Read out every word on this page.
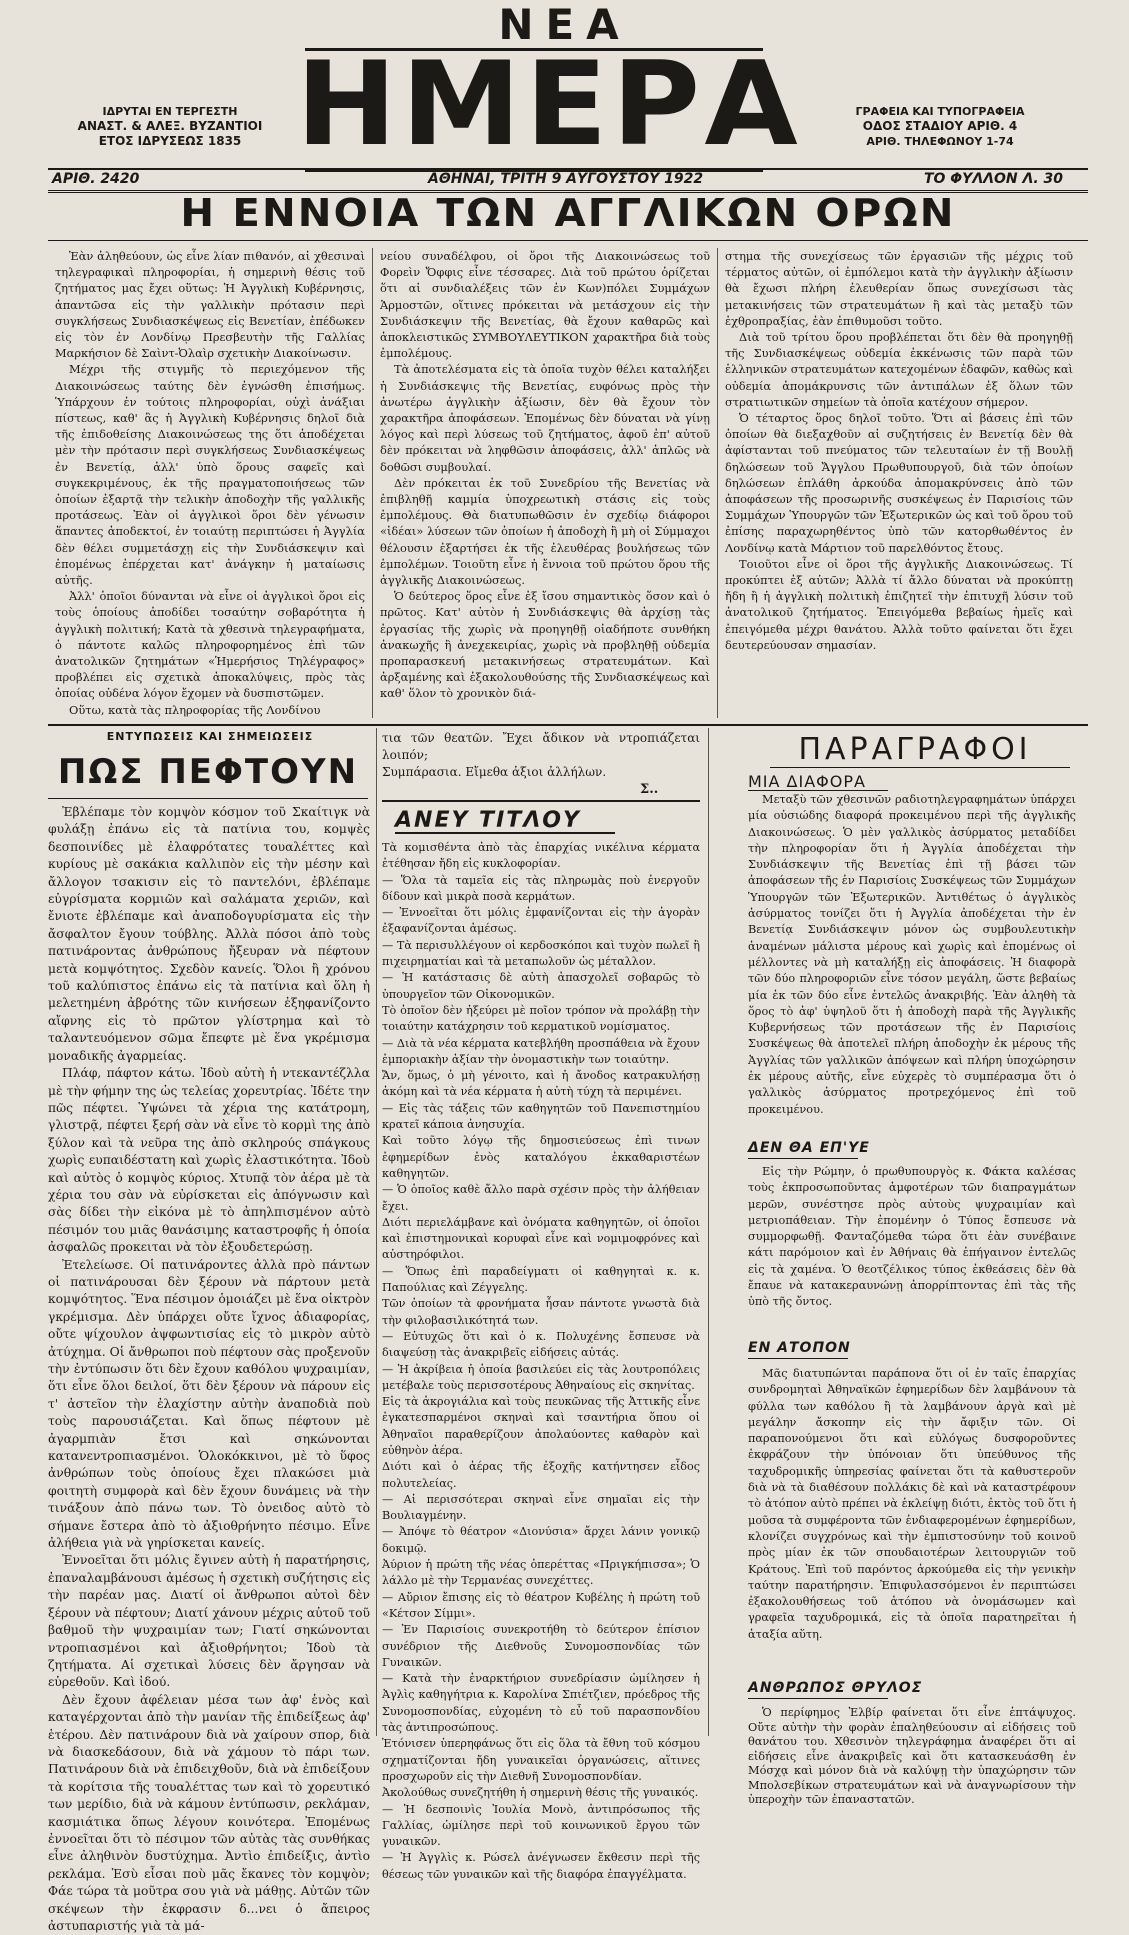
ΝΕΑ
ΗΜΕΡΑ
ΙΔΡΥΤΑΙ ΕΝ ΤΕΡΓΕΣΤΗ
ΑΝΑΣΤ. & ΑΛΕΞ. ΒΥΖΑΝΤΙΟΙ
ΕΤΟΣ ΙΔΡΥΣΕΩΣ 1835
ΓΡΑΦΕΙΑ ΚΑΙ ΤΥΠΟΓΡΑΦΕΙΑ
ΟΔΟΣ ΣΤΑΔΙΟΥ ΑΡΙΘ. 4
ΑΡΙΘ. ΤΗΛΕΦΩΝΟΥ 1-74
ΑΡΙΘ. 2420	ΑΘΗΝΑΙ, ΤΡΙΤΗ 9 ΑΥΓΟΥΣΤΟΥ 1922	ΤΟ ΦΥΛΛΟΝ Λ. 30
Η ΕΝΝΟΙΑ ΤΩΝ ΑΓΓΛΙΚΩΝ ΟΡΩΝ

Ἐὰν ἀληθεύουν, ὡς εἶνε λίαν πιθανόν, αἱ χθεσιναὶ τηλεγραφικαὶ πληροφορίαι, ἡ σημερινὴ θέσις τοῦ ζητήματος μας ἔχει οὕτως: Ἡ Ἀγγλικὴ Κυβέρνησις, ἀπαντῶσα εἰς τὴν γαλλικὴν πρότασιν περὶ συγκλήσεως Συνδιασκέψεως εἰς Βενετίαν, ἐπέδωκεν εἰς τὸν ἐν Λονδίνῳ Πρεσβευτὴν τῆς Γαλλίας Μαρκήσιον δὲ Σαὶντ-Ὀλαὶρ σχετικὴν Διακοίνωσιν.

Μέχρι τῆς στιγμῆς τὸ περιεχόμενον τῆς Διακοινώσεως ταύτης δὲν ἐγνώσθη ἐπισήμως. Ὑπάρχουν ἐν τούτοις πληροφορίαι, οὐχὶ ἀνάξιαι πίστεως, καθ' ἃς ἡ Ἀγγλικὴ Κυβέρνησις δηλοῖ διὰ τῆς ἐπιδοθείσης Διακοινώσεως της ὅτι ἀποδέχεται μὲν τὴν πρότασιν περὶ συγκλήσεως Συνδιασκέψεως ἐν Βενετίᾳ, ἀλλ' ὑπὸ ὅρους σαφεῖς καὶ συγκεκριμένους, ἐκ τῆς πραγματοποιήσεως τῶν ὁποίων ἐξαρτᾷ τὴν τελικὴν ἀποδοχὴν τῆς γαλλικῆς προτάσεως. Ἐὰν οἱ ἀγγλικοὶ ὅροι δὲν γένωσιν ἅπαντες ἀποδεκτοί, ἐν τοιαύτῃ περιπτώσει ἡ Ἀγγλία δὲν θέλει συμμετάσχῃ εἰς τὴν Συνδιάσκεψιν καὶ ἐπομένως ἐπέρχεται κατ' ἀνάγκην ἡ ματαίωσις αὐτῆς.

Ἀλλ' ὁποῖοι δύνανται νὰ εἶνε οἱ ἀγγλικοὶ ὅροι εἰς τοὺς ὁποίους ἀποδίδει τοσαύτην σοβαρότητα ἡ ἀγγλικὴ πολιτική; Κατὰ τὰ χθεσινὰ τηλεγραφήματα, ὁ πάντοτε καλῶς πληροφορημένος ἐπὶ τῶν ἀνατολικῶν ζητημάτων «Ἡμερήσιος Τηλέγραφος» προβλέπει εἰς σχετικὰ ἀποκαλύψεις, πρὸς τὰς ὁποίας οὐδένα λόγον ἔχομεν νὰ δυσπιστῶμεν.

Οὕτω, κατὰ τὰς πληροφορίας τῆς Λονδίνου

νείου συναδέλφου, οἱ ὅροι τῆς Διακοινώσεως τοῦ Φορεὶν Ὄφφις εἶνε τέσσαρες. Διὰ τοῦ πρώτου ὁρίζεται ὅτι αἱ συνδιαλέξεις τῶν ἐν Κων)πόλει Συμμάχων Ἁρμοστῶν, οἵτινες πρόκειται νὰ μετάσχουν εἰς τὴν Συνδιάσκεψιν τῆς Βενετίας, θὰ ἔχουν καθαρῶς καὶ ἀποκλειστικῶς ΣΥΜΒΟΥΛΕΥΤΙΚΟΝ χαρακτῆρα διὰ τοὺς ἐμπολέμους.

Τὰ ἀποτελέσματα εἰς τὰ ὁποῖα τυχὸν θέλει καταλήξει ἡ Συνδιάσκεψις τῆς Βενετίας, ευφόνως πρὸς τὴν ἀνωτέρω ἀγγλικὴν ἀξίωσιν, δὲν θὰ ἔχουν τὸν χαρακτῆρα ἀποφάσεων. Ἐπομένως δὲν δύναται νὰ γίνῃ λόγος καὶ περὶ λύσεως τοῦ ζητήματος, ἀφοῦ ἐπ' αὐτοῦ δὲν πρόκειται νὰ ληφθῶσιν ἀποφάσεις, ἀλλ' ἁπλῶς νὰ δοθῶσι συμβουλαί.

Δὲν πρόκειται ἐκ τοῦ Συνεδρίου τῆς Βενετίας νὰ ἐπιβληθῇ καμμία ὑποχρεωτικὴ στάσις εἰς τοὺς ἐμπολέμους. Θὰ διατυπωθῶσιν ἐν σχεδίῳ διάφοροι «ἰδέαι» λύσεων τῶν ὁποίων ἡ ἀποδοχὴ ἢ μὴ οἱ Σύμμαχοι θέλουσιν ἐξαρτήσει ἐκ τῆς ἐλευθέρας βουλήσεως τῶν ἐμπολέμων. Τοιοῦτη εἶνε ἡ ἔννοια τοῦ πρώτου ὅρου τῆς ἀγγλικῆς Διακοινώσεως.

Ὁ δεύτερος ὅρος εἶνε ἐξ ἴσου σημαντικὸς ὅσον καὶ ὁ πρῶτος. Κατ' αὐτὸν ἡ Συνδιάσκεψις θὰ ἀρχίσῃ τὰς ἐργασίας τῆς χωρὶς νὰ προηγηθῇ οἰαδήποτε συνθήκη ἀνακωχῆς ἢ ἀνεχεκειρίας, χωρὶς νὰ προβληθῇ οὐδεμία προπαρασκευή μετακινήσεως στρατευμάτων. Καὶ ἀρξαμένης καὶ ἐξακολουθούσης τῆς Συνδιασκέψεως καὶ καθ' ὅλον τὸ χρονικὸν διά-

στημα τῆς συνεχίσεως τῶν ἐργασιῶν τῆς μέχρις τοῦ τέρματος αὐτῶν, οἱ ἐμπόλεμοι κατὰ τὴν ἀγγλικὴν ἀξίωσιν θὰ ἔχωσι πλήρη ἐλευθερίαν ὅπως συνεχίσωσι τὰς μετακινήσεις τῶν στρατευμάτων ἢ καὶ τὰς μεταξὺ τῶν ἐχθροπραξίας, ἐὰν ἐπιθυμοῦσι τοῦτο.

Διὰ τοῦ τρίτου ὅρου προβλέπεται ὅτι δὲν θὰ προηγηθῇ τῆς Συνδιασκέψεως οὐδεμία ἐκκένωσις τῶν παρὰ τῶν ἑλληνικῶν στρατευμάτων κατεχομένων ἐδαφῶν, καθὼς καὶ οὐδεμία ἀπομάκρυνσις τῶν ἀντιπάλων ἐξ ὅλων τῶν στρατιωτικῶν σημείων τὰ ὁποῖα κατέχουν σήμερον.

Ὁ τέταρτος ὅρος δηλοῖ τοῦτο. Ὅτι αἱ βάσεις ἐπὶ τῶν ὁποίων θὰ διεξαχθοῦν αἱ συζητήσεις ἐν Βενετίᾳ δὲν θὰ ἀφίστανται τοῦ πνεύματος τῶν τελευταίων ἐν τῇ Βουλῇ δηλώσεων τοῦ Ἄγγλου Πρωθυπουργοῦ, διὰ τῶν ὁποίων δηλώσεων ἐπλάθη ἀρκούδα ἀπομακρύνσεις ἀπὸ τῶν ἀποφάσεων τῆς προσωρινῆς συσκέψεως ἐν Παρισίοις τῶν Συμμάχων Ὑπουργῶν τῶν Ἐξωτερικῶν ὡς καὶ τοῦ ὅρου τοῦ ἐπίσης παραχωρηθέντος ὑπὸ τῶν κατορθωθέντος ἐν Λονδίνῳ κατὰ Μάρτιον τοῦ παρελθόντος ἔτους.

Τοιοῦτοι εἶνε οἱ ὅροι τῆς ἀγγλικῆς Διακοινώσεως. Τί προκύπτει ἐξ αὐτῶν; Ἀλλὰ τί ἄλλο δύναται νὰ προκύπτῃ ἤδη ἢ ἡ ἀγγλικὴ πολιτικὴ ἐπιζητεῖ τὴν ἐπιτυχῆ λύσιν τοῦ ἀνατολικοῦ ζητήματος. Ἐπειγόμεθα βεβαίως ἡμεῖς καὶ ἐπειγόμεθα μέχρι θανάτου. Ἀλλὰ τοῦτο φαίνεται ὅτι ἔχει δευτερεύουσαν σημασίαν.

ΕΝΤΥΠΩΣΕΙΣ ΚΑΙ ΣΗΜΕΙΩΣΕΙΣ
ΠΩΣ ΠΕΦΤΟΥΝ

Ἐβλέπαμε τὸν κομψὸν κόσμον τοῦ Σκαίτιγκ νὰ φυλάξῃ ἐπάνω εἰς τὰ πατίνια του, κομψὲς δεσποινίδες μὲ ἐλαφρότατες τουαλέττες καὶ κυρίους μὲ σακάκια καλλιπὸν εἰς τὴν μέσην καὶ ἄλλογον τσακισιν εἰς τὸ παντελόνι, ἐβλέπαμε εὐγρίσματα κορμιῶν καὶ σαλάματα χεριῶν, καὶ ἔνιοτε ἐβλέπαμε καὶ ἀναποδογυρίσματα εἰς τὴν ἄσφαλτον ἔγουν τούβλης. Ἀλλὰ πόσοι ἀπὸ τοὺς πατινάροντας ἀνθρώπους ἤξευραν νὰ πέφτουν μετὰ κομψότητος. Σχεδὸν κανείς. Ὅλοι ἢ χρόνου τοῦ καλύπιστος ἐπάνω εἰς τὰ πατίνια καὶ ὅλη ἡ μελετημένη ἀβρότης τῶν κινήσεων ἐξηφανίζοντο αἴφνης εἰς τὸ πρῶτον γλίστρημα καὶ τὸ ταλαντευόμενον σῶμα ἔπεφτε μὲ ἕνα γκρέμισμα μοναδικῆς ἀγαρμείας.

Πλάφ, πάφτον κάτω. Ἰδοὺ αὐτὴ ἡ ντεκαντέζλλα μὲ τὴν φήμην της ὡς τελείας χορευτρίας. Ἰδέτε την πῶς πέφτει. Ὑψώνει τὰ χέρια της κατάτρομη, γλιστρᾷ, πέφτει ξερή σὰν νὰ εἶνε τὸ κορμὶ της ἀπὸ ξύλον καὶ τὰ νεῦρα της ἀπὸ σκληρούς σπάγκους χωρὶς ευπαιδέστατη καὶ χωρὶς ἐλαστικότητα. Ἰδοὺ καὶ αὐτὸς ὁ κομψὸς κύριος. Χτυπᾷ τὸν ἀέρα μὲ τὰ χέρια του σὰν νὰ εὐρίσκεται εἰς ἀπόγνωσιν καὶ σὰς δίδει τὴν εἰκόνα μὲ τὸ ἀπηλπισμένον αὐτὸ πέσιμόν του μιᾶς θανάσιμης καταστροφῆς ἡ ὁποία ἀσφαλῶς προκειται νὰ τὸν ἐξουδετερώσῃ.

Ἐτελείωσε. Οἱ πατινάροντες ἀλλὰ πρὸ πάντων οἱ πατινάρουσαι δὲν ξέρουν νὰ πάρτουν μετὰ κομψότητος. Ἕνα πέσιμον ὁμοιάζει μὲ ἕνα οἰκτρὸν γκρέμισμα. Δὲν ὑπάρχει οὔτε ἴχνος ἀδιαφορίας, οὔτε ψίχουλον ἀψφωντισίας εἰς τὸ μικρὸν αὐτὸ ἀτύχημα. Οἱ ἄνθρωποι ποὺ πέφτουν σὰς προξενοῦν τὴν ἐντύπωσιν ὅτι δὲν ἔχουν καθόλου ψυχραιμίαν, ὅτι εἶνε ὅλοι δειλοί, ὅτι δὲν ξέρουν νὰ πάρουν εἰς τ' ἀστεῖον τὴν ἐλαχίστην αὐτὴν ἀναποδιὰ ποὺ τοὺς παρουσιάζεται. Καὶ ὅπως πέφτουν μὲ ἀγαρμπιὰν ἔτσι καὶ σηκώνονται κατανεντροπιασμένοι. Ὁλοκόκκινοι, μὲ τὸ ὕφος ἀνθρώπων τοὺς ὁποίους ἔχει πλακώσει μιὰ φοιτητὴ συμφορὰ καὶ δὲν ἔχουν δυνάμεις νὰ τὴν τινάξουν ἀπὸ πάνω των. Τὸ ὀνειδος αὐτὸ τὸ σήμανε ἔστερα ἀπὸ τὸ ἀξιοθρήνητο πέσιμο. Εἶνε ἀλήθεια γιὰ νὰ γηρίσκεται κανείς.

Ἐννοεῖται ὅτι μόλις ἔγινεν αὐτὴ ἡ παρατήρησις, ἐπαναλαμβάνουσι ἀμέσως ἡ σχετικὴ συζήτησις εἰς τὴν παρέαν μας. Διατί οἱ ἄνθρωποι αὐτοὶ δὲν ξέρουν νὰ πέφτουν; Διατί χάνουν μέχρις αὐτοῦ τοῦ βαθμοῦ τὴν ψυχραιμίαν των; Γιατί σηκώνονται ντροπιασμένοι καὶ ἀξιοθρήνητοι; Ἰδοὺ τὰ ζητήματα. Αἱ σχετικαὶ λύσεις δὲν ἄργησαν νὰ εὑρεθοῦν. Καὶ ἰδού.

Δὲν ἔχουν ἀφέλειαν μέσα των ἀφ' ἑνὸς καὶ καταγέρχονται ἀπὸ τὴν μανίαν τῆς ἐπιδείξεως ἀφ' ἑτέρου. Δὲν πατινάρουν διὰ νὰ χαίρουν σπορ, διὰ νὰ διασκεδάσουν, διὰ νὰ χάμουν τὸ πάρι των. Πατινάρουν διὰ νὰ ἐπιδειχθοῦν, διὰ νὰ ἐπιδείξουν τὰ κορίτσια τῆς τουαλέττας των καὶ τὸ χορευτικό των μερίδιο, διὰ νὰ κάμουν ἐντύπωσιν, ρεκλάμαν, κασμιάτικα ὅπως λέγουν κοινότερα. Ἐπομένως ἐννοεῖται ὅτι τὸ πέσιμον τῶν αὐτὰς τὰς συνθήκας εἶνε ἀληθινὸν δυστύχημα. Ἀντὶο ἐπιδείξις, ἀντὶο ρεκλάμα. Ἐσὺ εἶσαι ποὺ μᾶς ἔκανες τὸν κομψὸν; Φάε τώρα τὰ μοῦτρα σου γιὰ νὰ μάθῃς. Αὐτῶν τῶν σκέψεων τὴν ἐκφρασιν δ...νει ὁ ἄπειρος ἀστυπαριστής γιὰ τὰ μά-

τια τῶν θεατῶν. Ἔχει ἄδικον νὰ ντροπιάζεται λοιπόν;

Συμπάρασια. Εἴμεθα ἀξιοι ἀλλήλων.

Σ..
ΑΝΕΥ ΤΙΤΛΟΥ

Τὰ κομισθέντα ἀπὸ τὰς ἐπαρχίας νικέλινα κέρματα ἐτέθησαν ἤδη εἰς κυκλοφορίαν.

— Ὅλα τὰ ταμεῖα εἰς τὰς πληρωμὰς ποὺ ἐνεργοῦν δίδουν καὶ μικρὰ ποσὰ κερμάτων.

— Ἐννοεῖται ὅτι μόλις ἐμφανίζονται εἰς τὴν ἀγορὰν ἐξαφανίζονται ἀμέσως.

— Τὰ περισυλλέγουν οἱ κερδοσκόποι καὶ τυχὸν πωλεῖ ἢ πιχειρηματίαι καὶ τὰ μεταπωλοῦν ὡς μέταλλον.

— Ἡ κατάστασις δὲ αὐτὴ ἀπασχολεῖ σοβαρῶς τὸ ὑπουργεῖον τῶν Οἰκονομικῶν.

Τὸ ὁποῖον δὲν ἠξεύρει μὲ ποῖον τρόπον νὰ προλάβῃ τὴν τοιαύτην κατάχρησιν τοῦ κερματικοῦ νομίσματος.

— Διὰ τὰ νέα κέρματα κατεβλήθη προσπάθεια νὰ ἔχουν ἐμποριακὴν ἀξίαν τὴν ὀνομαστικὴν των τοιαύτην.

Ἄν, ὅμως, ὁ μὴ γένοιτο, καὶ ἡ ἄνοδος κατρακυλήσῃ ἀκόμη καὶ τὰ νέα κέρματα ἡ αὐτὴ τύχη τὰ περιμένει.

— Εἰς τὰς τάξεις τῶν καθηγητῶν τοῦ Πανεπιστημίου κρατεῖ κάποια ἀνησυχία.

Καὶ τοῦτο λόγῳ τῆς δημοσιεύσεως ἐπὶ τινων ἐφημερίδων ἑνὸς καταλόγου ἐκκαθαριστέων καθηγητῶν.

— Ὁ ὁποῖος καθὲ ἄλλο παρὰ σχέσιν πρὸς τὴν ἀλήθειαν ἔχει.

Διότι περιελάμβανε καὶ ὀνόματα καθηγητῶν, οἱ ὁποῖοι καὶ ἐπιστημονικαὶ κορυφαὶ εἶνε καὶ νομιμοφρόνες καὶ αὐστηρόφιλοι.

— Ὅπως ἐπὶ παραδείγματι οἱ καθηγηταὶ κ. κ. Παπούλιας καὶ Ζέγγελης.

Τῶν ὁποίων τὰ φρονήματα ἦσαν πάντοτε γνωστὰ διὰ τὴν φιλοβασιλικότητά των.

— Εὐτυχῶς ὅτι καὶ ὁ κ. Πολυχένης ἔσπευσε νὰ διαψεύσῃ τὰς ἀνακριβεῖς εἰδήσεις αὐτάς.

— Ἡ ἀκρίβεια ἡ ὁποία βασιλεύει εἰς τὰς λουτροπόλεις μετέβαλε τοὺς περισσοτέρους Ἀθηναίους εἰς σκηνίτας.

Εἰς τὰ ἀκρογιάλια καὶ τοὺς πευκῶνας τῆς Ἀττικῆς εἶνε ἐγκατεσπαρμένοι σκηναὶ καὶ τσαντήρια ὅπου οἱ Ἀθηναῖοι παραθερίζουν ἀπολαύοντες καθαρὸν καὶ εὐθηνὸν ἀέρα.

Διότι καὶ ὁ ἀέρας τῆς ἐξοχῆς κατήντησεν εἶδος πολυτελείας.

— Αἱ περισσότεραι σκηναὶ εἶνε σημαῖαι εἰς τὴν Βουλιαγμένην.

— Ἀπόψε τὸ θέατρον «Διονύσια» ἄρχει λάνιν γονικῷ δοκιμῷ.

Ἀύριον ἡ πρώτη τῆς νέας ὀπερέττας «Πριγκήπισσα»; Ὁ λάλλο μὲ τὴν Τερμανέας συνεχέττες.

— Αὔριον ἔπισης εἰς τὸ θέατρον Κυβέλης ἡ πρώτη τοῦ «Κέτσον Σίμμι».

— Ἐν Παρισίοις συνεκροτήθη τὸ δεύτερον ἐπίσιον συνέδριον τῆς Διεθνοῦς Συνομοσπονδίας τῶν Γυναικῶν.

— Κατὰ τὴν ἐναρκτήριον συνεδρίασιν ὡμίλησεν ἡ Ἀγλὶς καθηγήτρια κ. Καρολίνα Σπιέτζιεν, πρόεδρος τῆς Συνομοσπονδίας, εὐχομένη τὸ εὖ τοῦ παρασπονδίου τὰς ἀντιπροσώπους.

Ἐτόνισεν ὑπερηφάνως ὅτι εἰς ὅλα τὰ ἔθνη τοῦ κόσμου σχηματίζονται ἤδη γυναικεῖαι ὀργανώσεις, αἵτινες προσχωροῦν εἰς τὴν Διεθνῆ Συνομοσπονδίαν.

Ἀκολούθως συνεζητήθη ἡ σημερινὴ θέσις τῆς γυναικός.

— Ἡ δεσποινὶς Ἰουλία Μονὸ, ἀντιπρόσωπος τῆς Γαλλίας, ὡμίλησε περὶ τοῦ κοινωνικοῦ ἔργου τῶν γυναικῶν.

— Ἡ Ἀγγλὶς κ. Ρώσελ ἀνέγνωσεν ἔκθεσιν περὶ τῆς θέσεως τῶν γυναικῶν καὶ τῆς διαφόρα ἐπαγγέλματα.

ΠΑΡΑΓΡΑΦΟΙ
ΜΙΑ ΔΙΑΦΟΡΑ

Μεταξὺ τῶν χθεσινῶν ραδιοτηλεγραφημάτων ὑπάρχει μία οὐσιώδης διαφορά προκειμένου περὶ τῆς ἀγγλικῆς Διακοινώσεως. Ὁ μὲν γαλλικὸς ἀσύρματος μεταδίδει τὴν πληροφορίαν ὅτι ἡ Ἀγγλία ἀποδέχεται τὴν Συνδιάσκεψιν τῆς Βενετίας ἐπὶ τῇ βάσει τῶν ἀποφάσεων τῆς ἐν Παρισίοις Συσκέψεως τῶν Συμμάχων Ὑπουργῶν τῶν Ἐξωτερικῶν. Ἀντιθέτως ὁ ἀγγλικὸς ἀσύρματος τονίζει ὅτι ἡ Ἀγγλία ἀποδέχεται τὴν ἐν Βενετίᾳ Συνδιάσκεψιν μόνον ὡς συμβουλευτικὴν ἀναμένων μάλιστα μέρους καὶ χωρὶς καὶ ἐπομένως οἱ μέλλοντες νὰ μὴ καταλήξῃ εἰς ἀποφάσεις. Ἡ διαφορὰ τῶν δύο πληροφοριῶν εἶνε τόσον μεγάλη, ὥστε βεβαίως μία ἐκ τῶν δύο εἶνε ἐντελῶς ἀνακριβής. Ἐὰν ἀληθὴ τὰ ὅρος τὸ ἀφ' ὑψηλοῦ ὅτι ἡ ἀποδοχὴ παρὰ τῆς Ἀγγλικῆς Κυβερνήσεως τῶν προτάσεων τῆς ἐν Παρισίοις Συσκέψεως θὰ ἀποτελεῖ πλήρη ἀποδοχὴν ἐκ μέρους τῆς Ἀγγλίας τῶν γαλλικῶν ἀπόψεων καὶ πλήρη ὑποχώρησιν ἐκ μέρους αὐτῆς, εἶνε εὐχερὲς τὸ συμπέρασμα ὅτι ὁ γαλλικὸς ἀσύρματος προτρεχόμενος ἐπὶ τοῦ προκειμένου.

ΔΕΝ ΘΑ ΕΠ'ΥΕ

Εἰς τὴν Ρώμην, ὁ πρωθυπουργὸς κ. Φάκτα καλέσας τοὺς ἐκπροσωποῦντας ἀμφοτέρων τῶν διαπραγμάτων μερῶν, συνέστησε πρὸς αὐτοὺς ψυχραιμίαν καὶ μετριοπάθειαν. Τὴν ἐπομένην ὁ Τύπος ἔσπευσε νὰ συμμορφωθῇ. Φανταζόμεθα τώρα ὅτι ἐὰν συνέβαινε κάτι παρόμοιον καὶ ἐν Ἀθήναις θὰ ἐπήγαινον ἐντελῶς εἰς τὰ χαμένα. Ὁ θεοτζέλικος τύπος ἐκθεάσεις δὲν θὰ ἔπαυε νὰ κατακεραυνώνῃ ἀπορρίπτοντας ἐπὶ τὰς τῆς ὑπὸ τῆς ὄντος.

ΕΝ ΑΤΟΠΟΝ

Μᾶς διατυπώνται παράπονα ὅτι οἱ ἐν ταῖς ἐπαρχίας συνδρομηταὶ Ἀθηναϊκῶν ἐφημερίδων δὲν λαμβάνουν τὰ φύλλα των καθόλου ἢ τὰ λαμβάνουν ἀργὰ καὶ μὲ μεγάλην ἄσκοπην εἰς τὴν ἄφιξιν τῶν. Οἱ παραπονούμενοι ὅτι καὶ εὐλόγως δυσφοροῦντες ἐκφράζουν τὴν ὑπόνοιαν ὅτι ὑπεύθυνος τῆς ταχυδρομικῆς ὑπηρεσίας φαίνεται ὅτι τὰ καθυστεροῦν διὰ νὰ τὰ διαθέσουν πολλάκις δὲ καὶ νὰ καταστρέφουν τὸ ἀτόπον αὐτὸ πρέπει νὰ ἐκλείψῃ διότι, ἐκτὸς τοῦ ὅτι ἡ μοῦσα τὰ συμφέροντα τῶν ἐνδιαφερομένων ἐφημερίδων, κλονίζει συγχρόνως καὶ τὴν ἐμπιστοσύνην τοῦ κοινοῦ πρὸς μίαν ἐκ τῶν σπουδαιοτέρων λειτουργιῶν τοῦ Κράτους. Ἐπὶ τοῦ παρόντος ἀρκούμεθα εἰς τὴν γενικὴν ταύτην παρατήρησιν. Ἐπιφυλασσόμενοι ἐν περιπτώσει ἐξακολουθήσεως τοῦ ἀτόπου νὰ ὀνομάσωμεν καὶ γραφεῖα ταχυδρομικά, εἰς τὰ ὁποῖα παρατηρεῖται ἡ ἀταξία αὕτη.

ΑΝΘΡΩΠΟΣ ΘΡΥΛΟΣ

Ὁ περίφημος Ἐλβίρ φαίνεται ὅτι εἶνε ἐπτάψυχος. Οὔτε αὐτὴν τὴν φορὰν ἐπαληθεύουσιν αἱ εἰδήσεις τοῦ θανάτου του. Χθεσινὸν τηλεγράφημα ἀναφέρει ὅτι αἱ εἰδήσεις εἶνε ἀνακριβεῖς καὶ ὅτι κατασκευάσθη ἐν Μόσχᾳ καὶ μόνον διὰ νὰ καλύψῃ τὴν ὑπαχώρησιν τῶν Μπολσεβίκων στρατευμάτων καὶ νὰ ἀναγνωρίσουν τὴν ὑπεροχὴν τῶν ἐπαναστατῶν.
